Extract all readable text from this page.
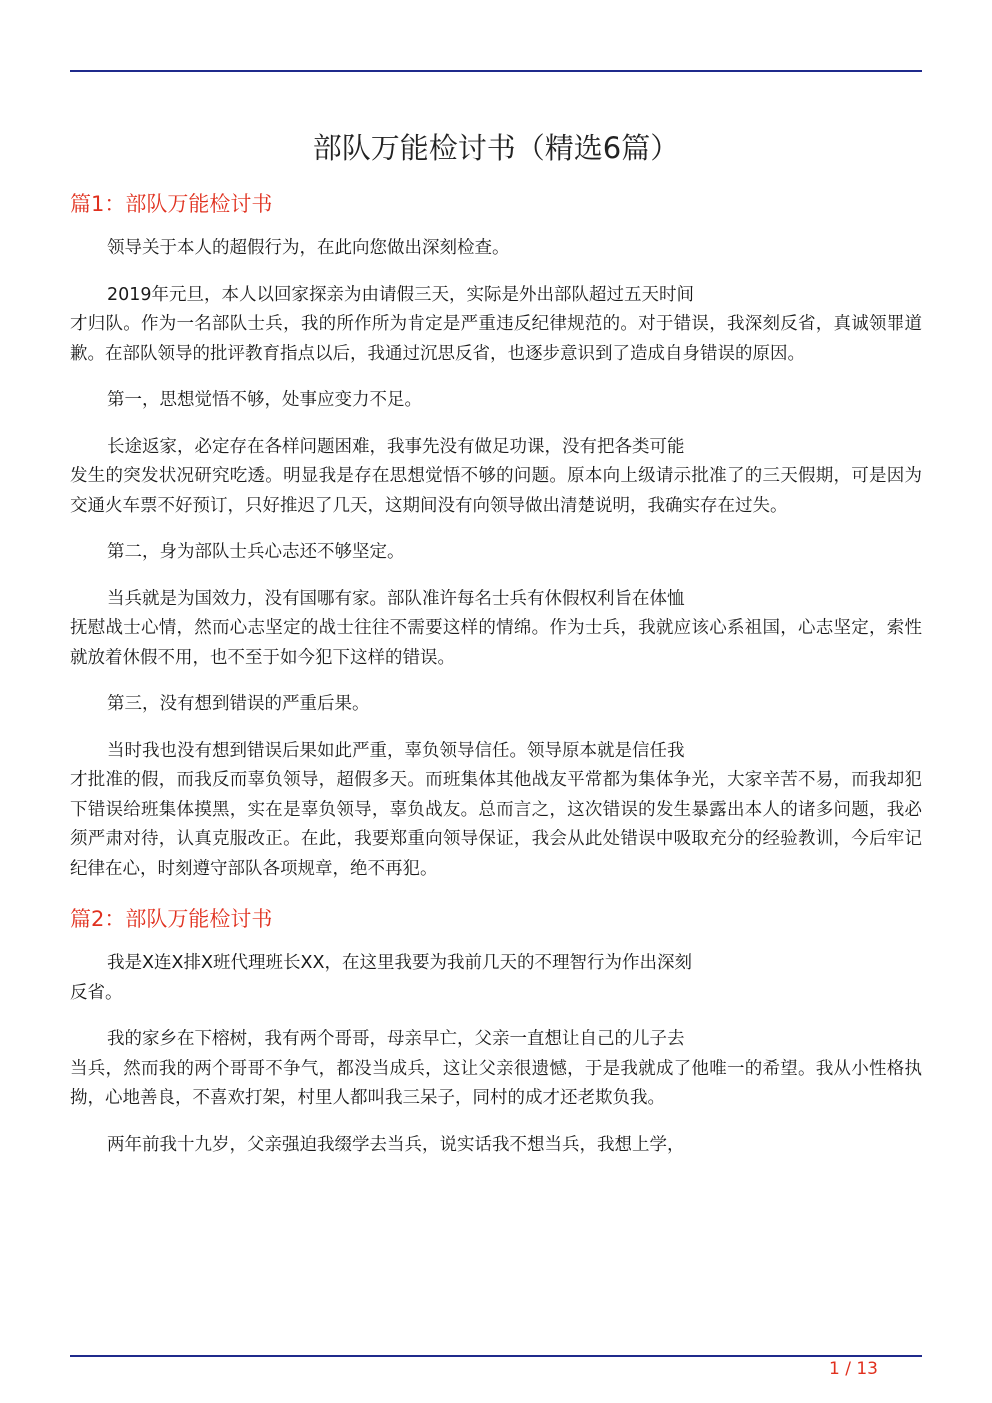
部队万能检讨书（精选6篇）
篇1：部队万能检讨书

领导关于本人的超假行为，在此向您做出深刻检查。

2019年元旦，本人以回家探亲为由请假三天，实际是外出部队超过五天时间
才归队。作为一名部队士兵，我的所作所为肯定是严重违反纪律规范的。对于错误，我深刻反省，真诚领罪道歉。在部队领导的批评教育指点以后，我通过沉思反省，也逐步意识到了造成自身错误的原因。

第一，思想觉悟不够，处事应变力不足。

长途返家，必定存在各样问题困难，我事先没有做足功课，没有把各类可能
发生的突发状况研究吃透。明显我是存在思想觉悟不够的问题。原本向上级请示批准了的三天假期，可是因为交通火车票不好预订，只好推迟了几天，这期间没有向领导做出清楚说明，我确实存在过失。

第二，身为部队士兵心志还不够坚定。

当兵就是为国效力，没有国哪有家。部队准许每名士兵有休假权利旨在体恤
抚慰战士心情，然而心志坚定的战士往往不需要这样的情绵。作为士兵，我就应该心系祖国，心志坚定，索性就放着休假不用，也不至于如今犯下这样的错误。

第三，没有想到错误的严重后果。

当时我也没有想到错误后果如此严重，辜负领导信任。领导原本就是信任我
才批准的假，而我反而辜负领导，超假多天。而班集体其他战友平常都为集体争光，大家辛苦不易，而我却犯下错误给班集体摸黑，实在是辜负领导，辜负战友。总而言之，这次错误的发生暴露出本人的诸多问题，我必须严肃对待，认真克服改正。在此，我要郑重向领导保证，我会从此处错误中吸取充分的经验教训，今后牢记纪律在心，时刻遵守部队各项规章，绝不再犯。

篇2：部队万能检讨书

我是X连X排X班代理班长XX，在这里我要为我前几天的不理智行为作出深刻
反省。

我的家乡在下榕树，我有两个哥哥，母亲早亡，父亲一直想让自己的儿子去
当兵，然而我的两个哥哥不争气，都没当成兵，这让父亲很遗憾，于是我就成了他唯一的希望。我从小性格执拗，心地善良，不喜欢打架，村里人都叫我三呆子，同村的成才还老欺负我。

两年前我十九岁，父亲强迫我缀学去当兵，说实话我不想当兵，我想上学，

1 / 13
